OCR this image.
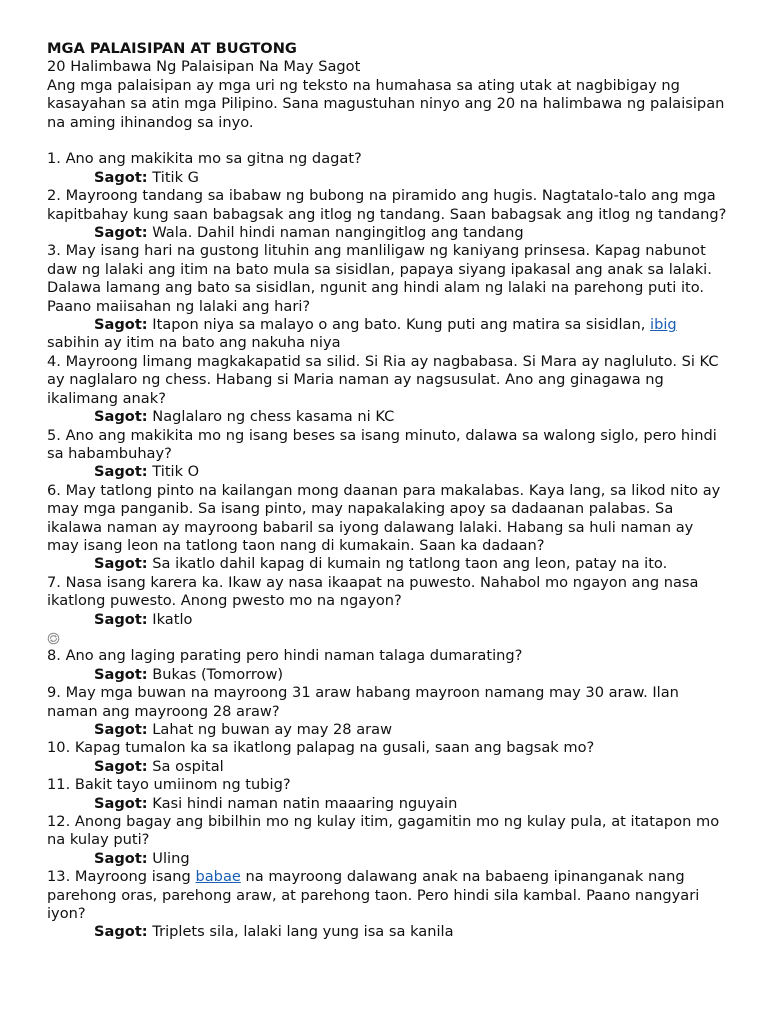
MGA PALAISIPAN AT BUGTONG

20 Halimbawa Ng Palaisipan Na May Sagot

Ang mga palaisipan ay mga uri ng teksto na humahasa sa ating utak at nagbibigay ng kasayahan sa atin mga Pilipino. Sana magustuhan ninyo ang 20 na halimbawa ng palaisipan na aming ihinandog sa inyo.

1. Ano ang makikita mo sa gitna ng dagat?

Sagot: Titik G

2. Mayroong tandang sa ibabaw ng bubong na piramido ang hugis. Nagtatalo-talo ang mga kapitbahay kung saan babagsak ang itlog ng tandang. Saan babagsak ang itlog ng tandang?

Sagot: Wala. Dahil hindi naman nangingitlog ang tandang

3. May isang hari na gustong lituhin ang manliligaw ng kaniyang prinsesa. Kapag nabunot daw ng lalaki ang itim na bato mula sa sisidlan, papaya siyang ipakasal ang anak sa lalaki. Dalawa lamang ang bato sa sisidlan, ngunit ang hindi alam ng lalaki na parehong puti ito. Paano maiisahan ng lalaki ang hari?

Sagot: Itapon niya sa malayo o ang bato. Kung puti ang matira sa sisidlan, ibig sabihin ay itim na bato ang nakuha niya

4. Mayroong limang magkakapatid sa silid. Si Ria ay nagbabasa. Si Mara ay nagluluto. Si KC ay naglalaro ng chess. Habang si Maria naman ay nagsusulat. Ano ang ginagawa ng ikalimang anak?

Sagot: Naglalaro ng chess kasama ni KC

5. Ano ang makikita mo ng isang beses sa isang minuto, dalawa sa walong siglo, pero hindi sa habambuhay?

Sagot: Titik O

6. May tatlong pinto na kailangan mong daanan para makalabas. Kaya lang, sa likod nito ay may mga panganib. Sa isang pinto, may napakalaking apoy sa dadaanan palabas. Sa ikalawa naman ay mayroong babaril sa iyong dalawang lalaki. Habang sa huli naman ay may isang leon na tatlong taon nang di kumakain. Saan ka dadaan?

Sagot: Sa ikatlo dahil kapag di kumain ng tatlong taon ang leon, patay na ito.

7. Nasa isang karera ka. Ikaw ay nasa ikaapat na puwesto. Nahabol mo ngayon ang nasa ikatlong puwesto. Anong pwesto mo na ngayon?

Sagot: Ikatlo

8. Ano ang laging parating pero hindi naman talaga dumarating?

Sagot: Bukas (Tomorrow)

9. May mga buwan na mayroong 31 araw habang mayroon namang may 30 araw. Ilan naman ang mayroong 28 araw?

Sagot: Lahat ng buwan ay may 28 araw

10. Kapag tumalon ka sa ikatlong palapag na gusali, saan ang bagsak mo?

Sagot: Sa ospital

11. Bakit tayo umiinom ng tubig?

Sagot: Kasi hindi naman natin maaaring nguyain

12. Anong bagay ang bibilhin mo ng kulay itim, gagamitin mo ng kulay pula, at itatapon mo na kulay puti?

Sagot: Uling

13. Mayroong isang babae na mayroong dalawang anak na babaeng ipinanganak nang parehong oras, parehong araw, at parehong taon. Pero hindi sila kambal. Paano nangyari iyon?

Sagot: Triplets sila, lalaki lang yung isa sa kanila
